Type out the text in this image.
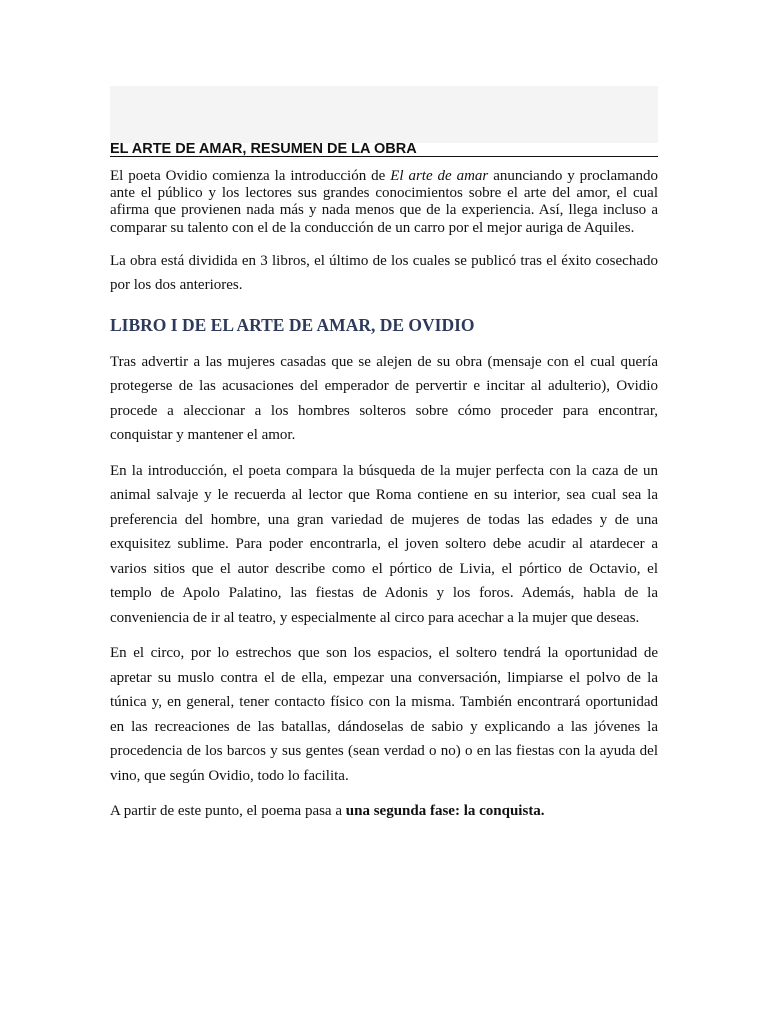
EL ARTE DE AMAR, RESUMEN DE LA OBRA

El poeta Ovidio comienza la introducción de El arte de amar anunciando y proclamando ante el público y los lectores sus grandes conocimientos sobre el arte del amor, el cual afirma que provienen nada más y nada menos que de la experiencia. Así, llega incluso a comparar su talento con el de la conducción de un carro por el mejor auriga de Aquiles.

La obra está dividida en 3 libros, el último de los cuales se publicó tras el éxito cosechado por los dos anteriores.

LIBRO I DE EL ARTE DE AMAR, DE OVIDIO

Tras advertir a las mujeres casadas que se alejen de su obra (mensaje con el cual quería protegerse de las acusaciones del emperador de pervertir e incitar al adulterio), Ovidio procede a aleccionar a los hombres solteros sobre cómo proceder para encontrar, conquistar y mantener el amor.

En la introducción, el poeta compara la búsqueda de la mujer perfecta con la caza de un animal salvaje y le recuerda al lector que Roma contiene en su interior, sea cual sea la preferencia del hombre, una gran variedad de mujeres de todas las edades y de una exquisitez sublime. Para poder encontrarla, el joven soltero debe acudir al atardecer a varios sitios que el autor describe como el pórtico de Livia, el pórtico de Octavio, el templo de Apolo Palatino, las fiestas de Adonis y los foros. Además, habla de la conveniencia de ir al teatro, y especialmente al circo para acechar a la mujer que deseas.

En el circo, por lo estrechos que son los espacios, el soltero tendrá la oportunidad de apretar su muslo contra el de ella, empezar una conversación, limpiarse el polvo de la túnica y, en general, tener contacto físico con la misma. También encontrará oportunidad en las recreaciones de las batallas, dándoselas de sabio y explicando a las jóvenes la procedencia de los barcos y sus gentes (sean verdad o no) o en las fiestas con la ayuda del vino, que según Ovidio, todo lo facilita.

A partir de este punto, el poema pasa a una segunda fase: la conquista.
